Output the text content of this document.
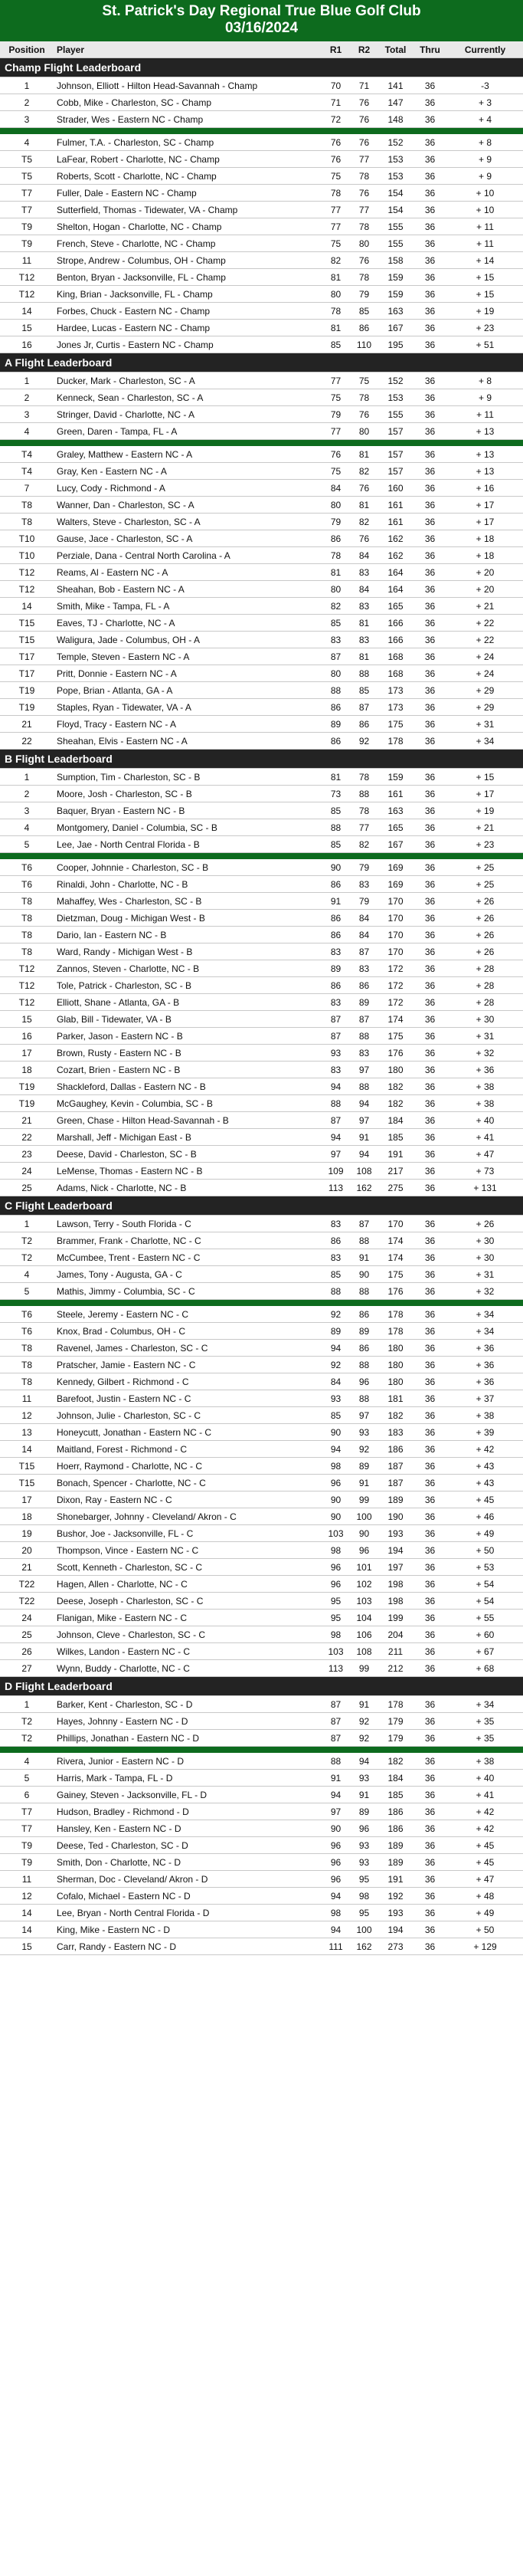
St. Patrick's Day Regional True Blue Golf Club
03/16/2024
Position	Player	R1	R2	Total	Thru	Currently
Champ Flight Leaderboard						
1	Johnson, Elliott - Hilton Head-Savannah - Champ	70	71	141	36	-3
2	Cobb, Mike - Charleston, SC - Champ	71	76	147	36	+ 3
3	Strader, Wes - Eastern NC - Champ	72	76	148	36	+ 4

4	Fulmer, T.A. - Charleston, SC - Champ	76	76	152	36	+ 8
T5	LaFear, Robert - Charlotte, NC - Champ	76	77	153	36	+ 9
T5	Roberts, Scott - Charlotte, NC - Champ	75	78	153	36	+ 9
T7	Fuller, Dale - Eastern NC - Champ	78	76	154	36	+ 10
T7	Sutterfield, Thomas - Tidewater, VA - Champ	77	77	154	36	+ 10
T9	Shelton, Hogan - Charlotte, NC - Champ	77	78	155	36	+ 11
T9	French, Steve - Charlotte, NC - Champ	75	80	155	36	+ 11
11	Strope, Andrew - Columbus, OH - Champ	82	76	158	36	+ 14
T12	Benton, Bryan - Jacksonville, FL - Champ	81	78	159	36	+ 15
T12	King, Brian - Jacksonville, FL - Champ	80	79	159	36	+ 15
14	Forbes, Chuck - Eastern NC - Champ	78	85	163	36	+ 19
15	Hardee, Lucas - Eastern NC - Champ	81	86	167	36	+ 23
16	Jones Jr, Curtis - Eastern NC - Champ	85	110	195	36	+ 51
A Flight Leaderboard						
1	Ducker, Mark - Charleston, SC - A	77	75	152	36	+ 8
2	Kenneck, Sean - Charleston, SC - A	75	78	153	36	+ 9
3	Stringer, David - Charlotte, NC - A	79	76	155	36	+ 11
4	Green, Daren - Tampa, FL - A	77	80	157	36	+ 13

T4	Graley, Matthew - Eastern NC - A	76	81	157	36	+ 13
T4	Gray, Ken - Eastern NC - A	75	82	157	36	+ 13
7	Lucy, Cody - Richmond - A	84	76	160	36	+ 16
T8	Wanner, Dan - Charleston, SC - A	80	81	161	36	+ 17
T8	Walters, Steve - Charleston, SC - A	79	82	161	36	+ 17
T10	Gause, Jace - Charleston, SC - A	86	76	162	36	+ 18
T10	Perziale, Dana - Central North Carolina - A	78	84	162	36	+ 18
T12	Reams, Al - Eastern NC - A	81	83	164	36	+ 20
T12	Sheahan, Bob - Eastern NC - A	80	84	164	36	+ 20
14	Smith, Mike - Tampa, FL - A	82	83	165	36	+ 21
T15	Eaves, TJ - Charlotte, NC - A	85	81	166	36	+ 22
T15	Waligura, Jade - Columbus, OH - A	83	83	166	36	+ 22
T17	Temple, Steven - Eastern NC - A	87	81	168	36	+ 24
T17	Pritt, Donnie - Eastern NC - A	80	88	168	36	+ 24
T19	Pope, Brian - Atlanta, GA - A	88	85	173	36	+ 29
T19	Staples, Ryan - Tidewater, VA - A	86	87	173	36	+ 29
21	Floyd, Tracy - Eastern NC - A	89	86	175	36	+ 31
22	Sheahan, Elvis - Eastern NC - A	86	92	178	36	+ 34
B Flight Leaderboard						
1	Sumption, Tim - Charleston, SC - B	81	78	159	36	+ 15
2	Moore, Josh - Charleston, SC - B	73	88	161	36	+ 17
3	Baquer, Bryan - Eastern NC - B	85	78	163	36	+ 19
4	Montgomery, Daniel - Columbia, SC - B	88	77	165	36	+ 21
5	Lee, Jae - North Central Florida - B	85	82	167	36	+ 23

T6	Cooper, Johnnie - Charleston, SC - B	90	79	169	36	+ 25
T6	Rinaldi, John - Charlotte, NC - B	86	83	169	36	+ 25
T8	Mahaffey, Wes - Charleston, SC - B	91	79	170	36	+ 26
T8	Dietzman, Doug - Michigan West - B	86	84	170	36	+ 26
T8	Dario, Ian - Eastern NC - B	86	84	170	36	+ 26
T8	Ward, Randy - Michigan West - B	83	87	170	36	+ 26
T12	Zannos, Steven - Charlotte, NC - B	89	83	172	36	+ 28
T12	Tole, Patrick - Charleston, SC - B	86	86	172	36	+ 28
T12	Elliott, Shane - Atlanta, GA - B	83	89	172	36	+ 28
15	Glab, Bill - Tidewater, VA - B	87	87	174	36	+ 30
16	Parker, Jason - Eastern NC - B	87	88	175	36	+ 31
17	Brown, Rusty - Eastern NC - B	93	83	176	36	+ 32
18	Cozart, Brien - Eastern NC - B	83	97	180	36	+ 36
T19	Shackleford, Dallas - Eastern NC - B	94	88	182	36	+ 38
T19	McGaughey, Kevin - Columbia, SC - B	88	94	182	36	+ 38
21	Green, Chase - Hilton Head-Savannah - B	87	97	184	36	+ 40
22	Marshall, Jeff - Michigan East - B	94	91	185	36	+ 41
23	Deese, David - Charleston, SC - B	97	94	191	36	+ 47
24	LeMense, Thomas - Eastern NC - B	109	108	217	36	+ 73
25	Adams, Nick - Charlotte, NC - B	113	162	275	36	+ 131
C Flight Leaderboard						
1	Lawson, Terry - South Florida - C	83	87	170	36	+ 26
T2	Brammer, Frank - Charlotte, NC - C	86	88	174	36	+ 30
T2	McCumbee, Trent - Eastern NC - C	83	91	174	36	+ 30
4	James, Tony - Augusta, GA - C	85	90	175	36	+ 31
5	Mathis, Jimmy - Columbia, SC - C	88	88	176	36	+ 32

T6	Steele, Jeremy - Eastern NC - C	92	86	178	36	+ 34
T6	Knox, Brad - Columbus, OH - C	89	89	178	36	+ 34
T8	Ravenel, James - Charleston, SC - C	94	86	180	36	+ 36
T8	Pratscher, Jamie - Eastern NC - C	92	88	180	36	+ 36
T8	Kennedy, Gilbert - Richmond - C	84	96	180	36	+ 36
11	Barefoot, Justin - Eastern NC - C	93	88	181	36	+ 37
12	Johnson, Julie - Charleston, SC - C	85	97	182	36	+ 38
13	Honeycutt, Jonathan - Eastern NC - C	90	93	183	36	+ 39
14	Maitland, Forest - Richmond - C	94	92	186	36	+ 42
T15	Hoerr, Raymond - Charlotte, NC - C	98	89	187	36	+ 43
T15	Bonach, Spencer - Charlotte, NC - C	96	91	187	36	+ 43
17	Dixon, Ray - Eastern NC - C	90	99	189	36	+ 45
18	Shonebarger, Johnny - Cleveland/ Akron - C	90	100	190	36	+ 46
19	Bushor, Joe - Jacksonville, FL - C	103	90	193	36	+ 49
20	Thompson, Vince - Eastern NC - C	98	96	194	36	+ 50
21	Scott, Kenneth - Charleston, SC - C	96	101	197	36	+ 53
T22	Hagen, Allen - Charlotte, NC - C	96	102	198	36	+ 54
T22	Deese, Joseph - Charleston, SC - C	95	103	198	36	+ 54
24	Flanigan, Mike - Eastern NC - C	95	104	199	36	+ 55
25	Johnson, Cleve - Charleston, SC - C	98	106	204	36	+ 60
26	Wilkes, Landon - Eastern NC - C	103	108	211	36	+ 67
27	Wynn, Buddy - Charlotte, NC - C	113	99	212	36	+ 68
D Flight Leaderboard						
1	Barker, Kent - Charleston, SC - D	87	91	178	36	+ 34
T2	Hayes, Johnny - Eastern NC - D	87	92	179	36	+ 35
T2	Phillips, Jonathan - Eastern NC - D	87	92	179	36	+ 35

4	Rivera, Junior - Eastern NC - D	88	94	182	36	+ 38
5	Harris, Mark - Tampa, FL - D	91	93	184	36	+ 40
6	Gainey, Steven - Jacksonville, FL - D	94	91	185	36	+ 41
T7	Hudson, Bradley - Richmond - D	97	89	186	36	+ 42
T7	Hansley, Ken - Eastern NC - D	90	96	186	36	+ 42
T9	Deese, Ted - Charleston, SC - D	96	93	189	36	+ 45
T9	Smith, Don - Charlotte, NC - D	96	93	189	36	+ 45
11	Sherman, Doc - Cleveland/ Akron - D	96	95	191	36	+ 47
12	Cofalo, Michael - Eastern NC - D	94	98	192	36	+ 48
14	Lee, Bryan - North Central Florida - D	98	95	193	36	+ 49
14	King, Mike - Eastern NC - D	94	100	194	36	+ 50
15	Carr, Randy - Eastern NC - D	111	162	273	36	+ 129
